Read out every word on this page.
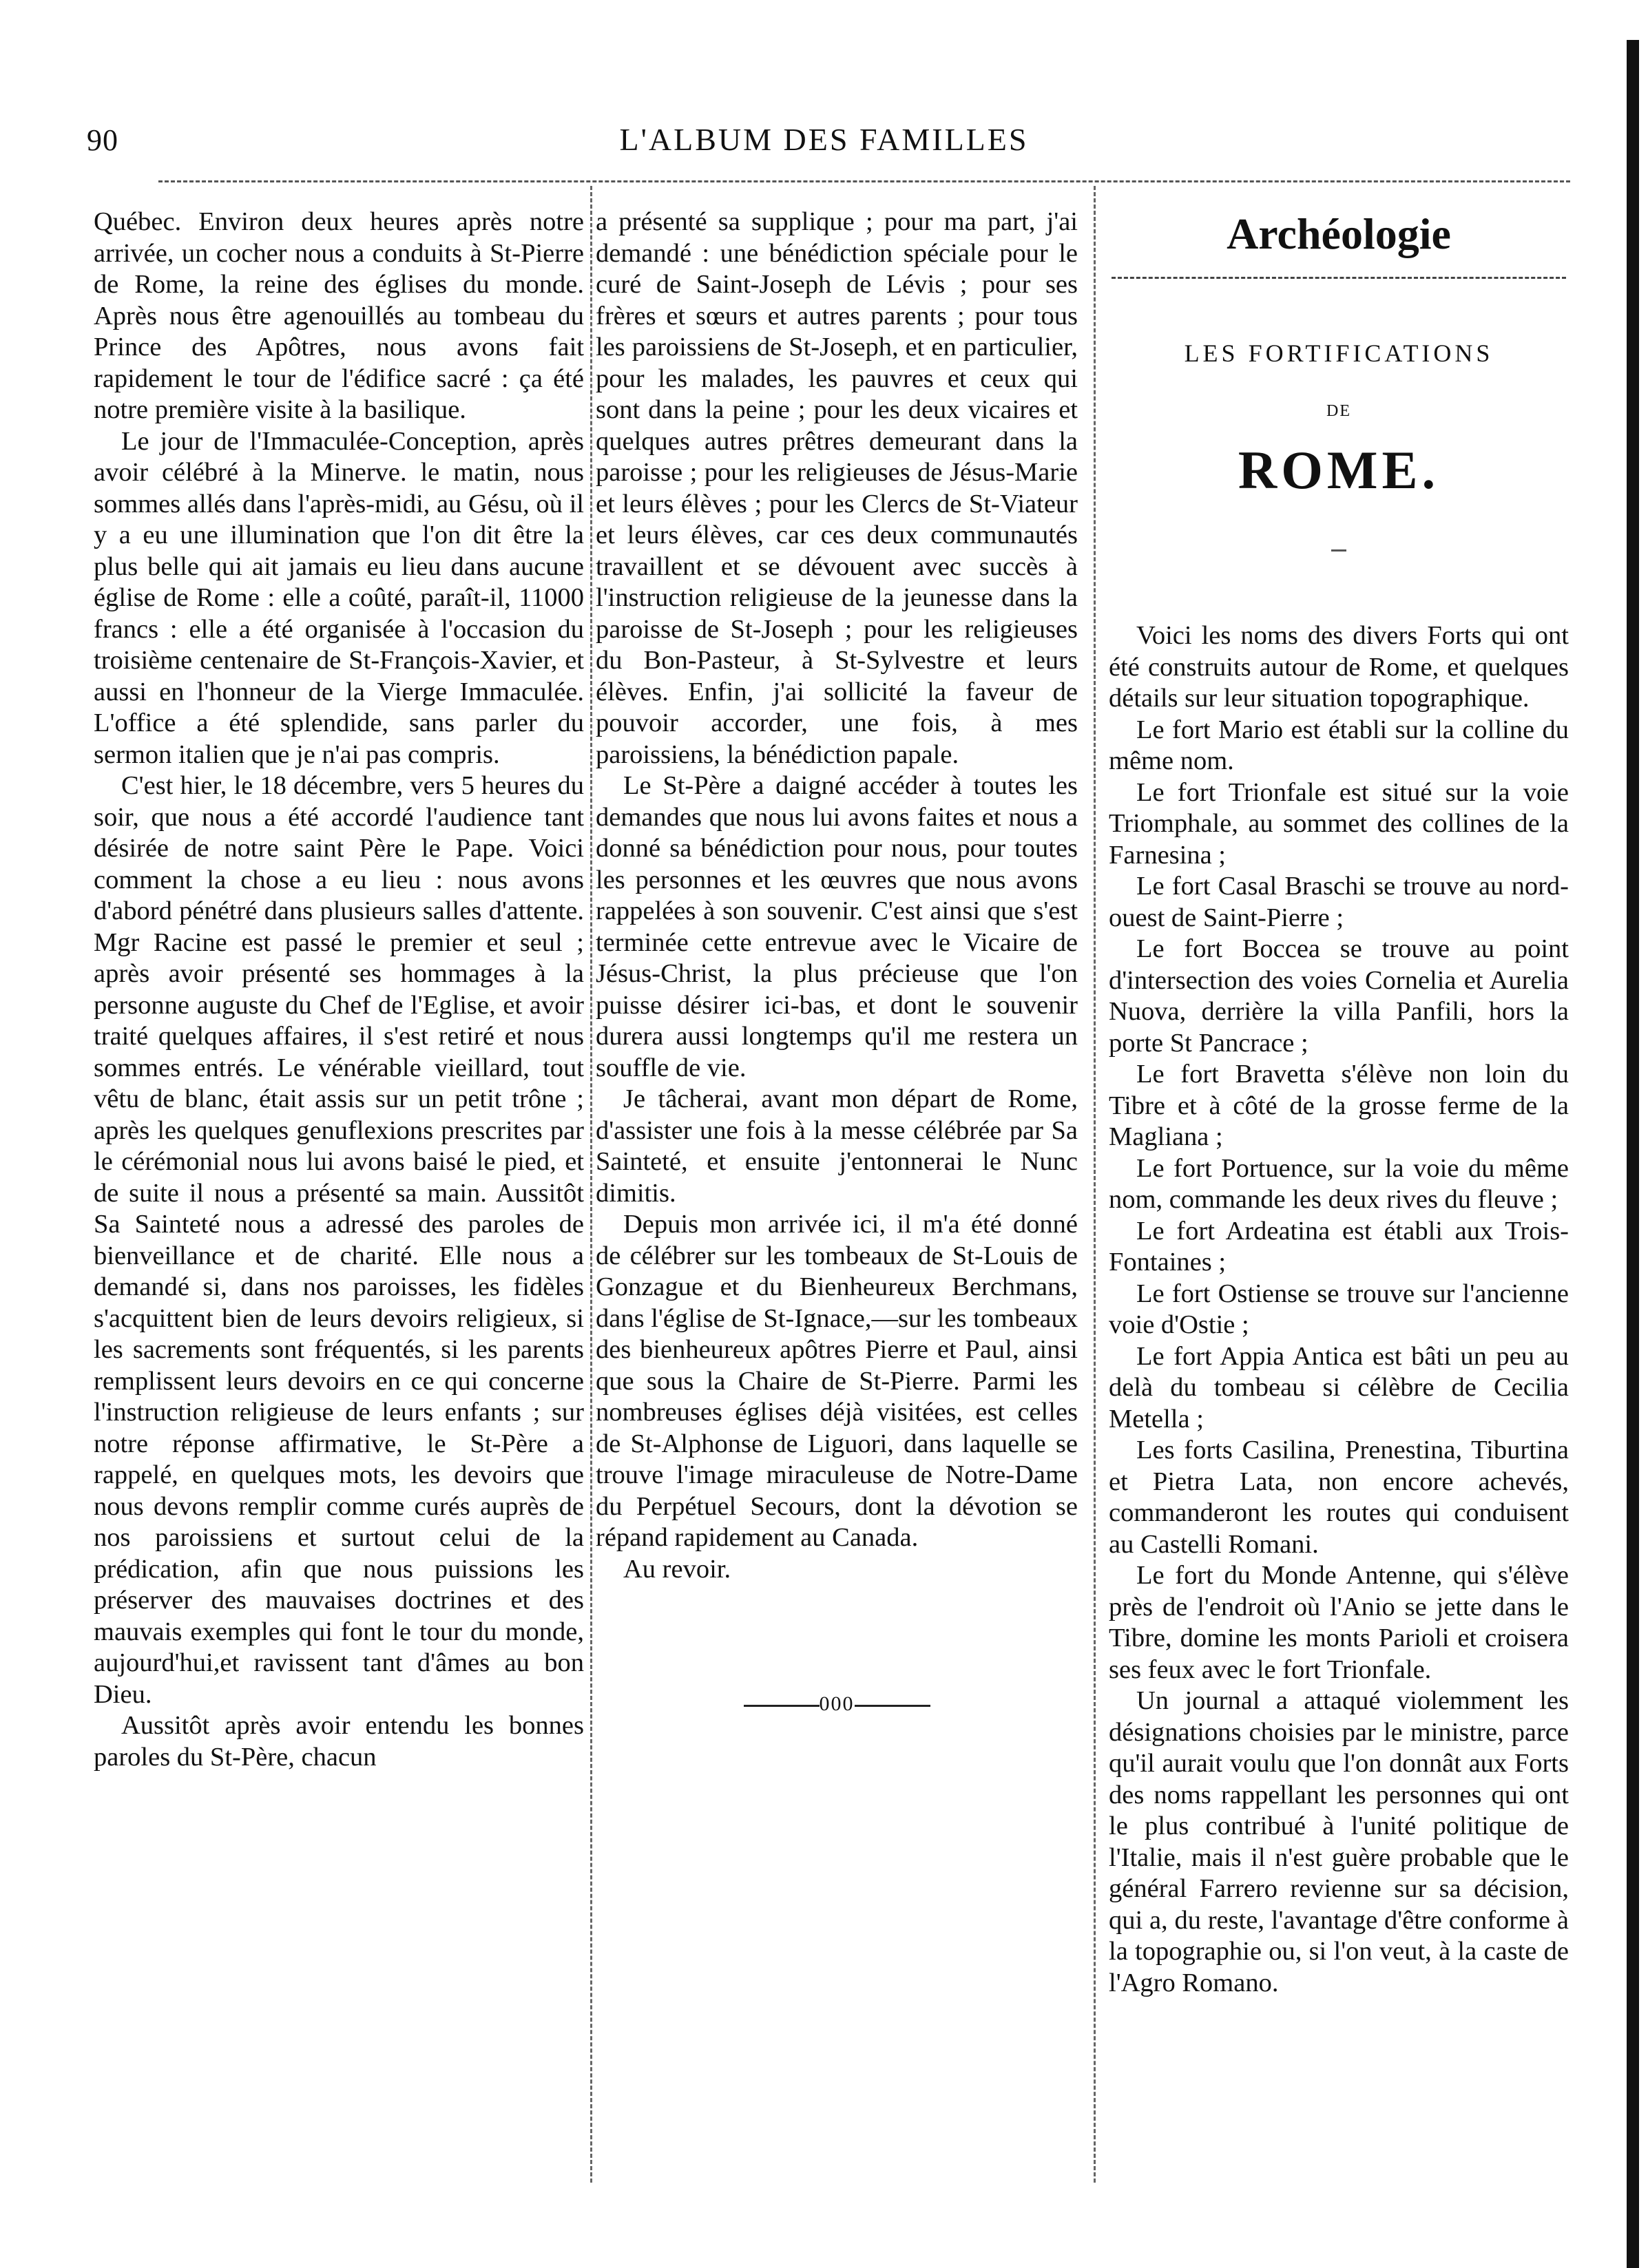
90	L'ALBUM DES FAMILLES

Québec. Environ deux heures après notre arrivée, un cocher nous a conduits à St-Pierre de Rome, la reine des églises du monde. Après nous être agenouillés au tombeau du Prince des Apôtres, nous avons fait rapidement le tour de l'édifice sacré : ça été notre première visite à la basilique.

Le jour de l'Immaculée-Conception, après avoir célébré à la Minerve. le matin, nous sommes allés dans l'après-midi, au Gésu, où il y a eu une illumination que l'on dit être la plus belle qui ait jamais eu lieu dans aucune église de Rome : elle a coûté, paraît-il, 11000 francs : elle a été organisée à l'occasion du troisième centenaire de St-François-Xavier, et aussi en l'honneur de la Vierge Immaculée. L'office a été splendide, sans parler du sermon italien que je n'ai pas compris.

C'est hier, le 18 décembre, vers 5 heures du soir, que nous a été accordé l'audience tant désirée de notre saint Père le Pape. Voici comment la chose a eu lieu : nous avons d'abord pénétré dans plusieurs salles d'attente. Mgr Racine est passé le premier et seul ; après avoir présenté ses hommages à la personne auguste du Chef de l'Eglise, et avoir traité quelques affaires, il s'est retiré et nous sommes entrés. Le vénérable vieillard, tout vêtu de blanc, était assis sur un petit trône ; après les quelques genuflexions prescrites par le cérémonial nous lui avons baisé le pied, et de suite il nous a présenté sa main. Aussitôt Sa Sainteté nous a adressé des paroles de bienveillance et de charité. Elle nous a demandé si, dans nos paroisses, les fidèles s'acquittent bien de leurs devoirs religieux, si les sacrements sont fréquentés, si les parents remplissent leurs devoirs en ce qui concerne l'instruction religieuse de leurs enfants ; sur notre réponse affirmative, le St-Père a rappelé, en quelques mots, les devoirs que nous devons remplir comme curés auprès de nos paroissiens et surtout celui de la prédication, afin que nous puissions les préserver des mauvaises doctrines et des mauvais exemples qui font le tour du monde, aujourd'hui,et ravissent tant d'âmes au bon Dieu.

Aussitôt après avoir entendu les bonnes paroles du St-Père, chacun

a présenté sa supplique ; pour ma part, j'ai demandé : une bénédiction spéciale pour le curé de Saint-Joseph de Lévis ; pour ses frères et sœurs et autres parents ; pour tous les paroissiens de St-Joseph, et en particulier, pour les malades, les pauvres et ceux qui sont dans la peine ; pour les deux vicaires et quelques autres prêtres demeurant dans la paroisse ; pour les religieuses de Jésus-Marie et leurs élèves ; pour les Clercs de St-Viateur et leurs élèves, car ces deux communautés travaillent et se dévouent avec succès à l'instruction religieuse de la jeunesse dans la paroisse de St-Joseph ; pour les religieuses du Bon-Pasteur, à St-Sylvestre et leurs élèves. Enfin, j'ai sollicité la faveur de pouvoir accorder, une fois, à mes paroissiens, la bénédiction papale.

Le St-Père a daigné accéder à toutes les demandes que nous lui avons faites et nous a donné sa bénédiction pour nous, pour toutes les personnes et les œuvres que nous avons rappelées à son souvenir. C'est ainsi que s'est terminée cette entrevue avec le Vicaire de Jésus-Christ, la plus précieuse que l'on puisse désirer ici-bas, et dont le souvenir durera aussi longtemps qu'il me restera un souffle de vie.

Je tâcherai, avant mon départ de Rome, d'assister une fois à la messe célébrée par Sa Sainteté, et ensuite j'entonnerai le Nunc dimitis.

Depuis mon arrivée ici, il m'a été donné de célébrer sur les tombeaux de St-Louis de Gonzague et du Bienheureux Berchmans, dans l'église de St-Ignace,—sur les tombeaux des bienheureux apôtres Pierre et Paul, ainsi que sous la Chaire de St-Pierre. Parmi les nombreuses églises déjà visitées, est celles de St-Alphonse de Liguori, dans laquelle se trouve l'image miraculeuse de Notre-Dame du Perpétuel Secours, dont la dévotion se répand rapidement au Canada.

Au revoir.

000
Archéologie
LES FORTIFICATIONS
DE
ROME.

Voici les noms des divers Forts qui ont été construits autour de Rome, et quelques détails sur leur situation topographique.

Le fort Mario est établi sur la colline du même nom.

Le fort Trionfale est situé sur la voie Triomphale, au sommet des collines de la Farnesina ;

Le fort Casal Braschi se trouve au nord-ouest de Saint-Pierre ;

Le fort Boccea se trouve au point d'intersection des voies Cornelia et Aurelia Nuova, derrière la villa Panfili, hors la porte St Pancrace ;

Le fort Bravetta s'élève non loin du Tibre et à côté de la grosse ferme de la Magliana ;

Le fort Portuence, sur la voie du même nom, commande les deux rives du fleuve ;

Le fort Ardeatina est établi aux Trois-Fontaines ;

Le fort Ostiense se trouve sur l'ancienne voie d'Ostie ;

Le fort Appia Antica est bâti un peu au delà du tombeau si célèbre de Cecilia Metella ;

Les forts Casilina, Prenestina, Tiburtina et Pietra Lata, non encore achevés, commanderont les routes qui conduisent au Castelli Romani.

Le fort du Monde Antenne, qui s'élève près de l'endroit où l'Anio se jette dans le Tibre, domine les monts Parioli et croisera ses feux avec le fort Trionfale.

Un journal a attaqué violemment les désignations choisies par le ministre, parce qu'il aurait voulu que l'on donnât aux Forts des noms rappellant les personnes qui ont le plus contribué à l'unité politique de l'Italie, mais il n'est guère probable que le général Farrero revienne sur sa décision, qui a, du reste, l'avantage d'être conforme à la topographie ou, si l'on veut, à la caste de l'Agro Romano.
